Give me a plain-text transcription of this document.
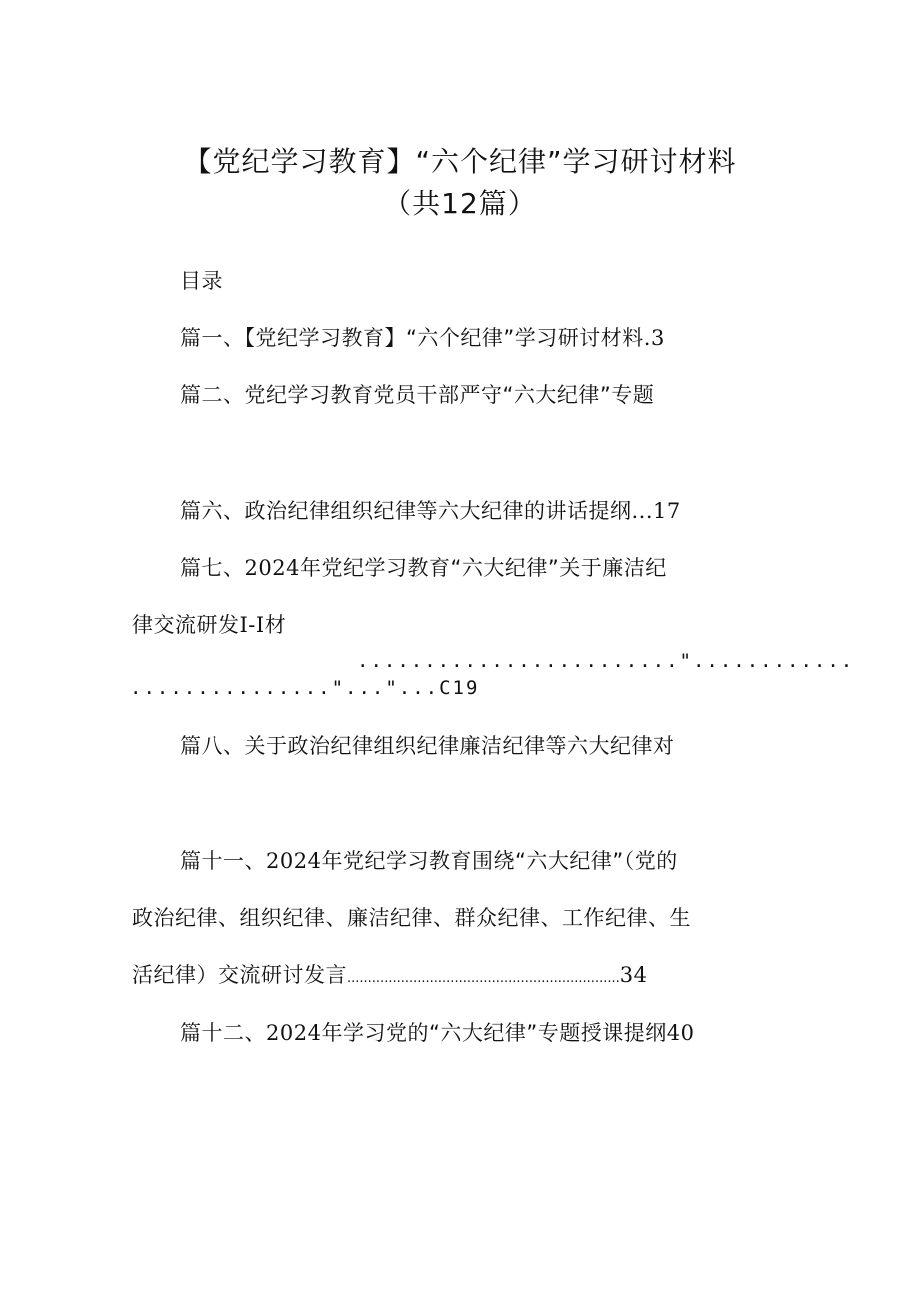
【党纪学习教育】“六个纪律”学习研讨材料
（共12篇）
目录
篇一、【党纪学习教育】“六个纪律”学习研讨材料.3
篇二、党纪学习教育党员干部严守“六大纪律”专题
篇六、政治纪律组织纪律等六大纪律的讲话提纲...17
篇七、2024年党纪学习教育“六大纪律”关于廉洁纪
律交流研发I-I材
........................"............
..............."..."...C19
篇八、关于政治纪律组织纪律廉洁纪律等六大纪律对
篇十一、2024年党纪学习教育围绕“六大纪律”（党的
政治纪律、组织纪律、廉洁纪律、群众纪律、工作纪律、生
活纪律）交流研讨发言..................................................................34
篇十二、2024年学习党的“六大纪律”专题授课提纲40
